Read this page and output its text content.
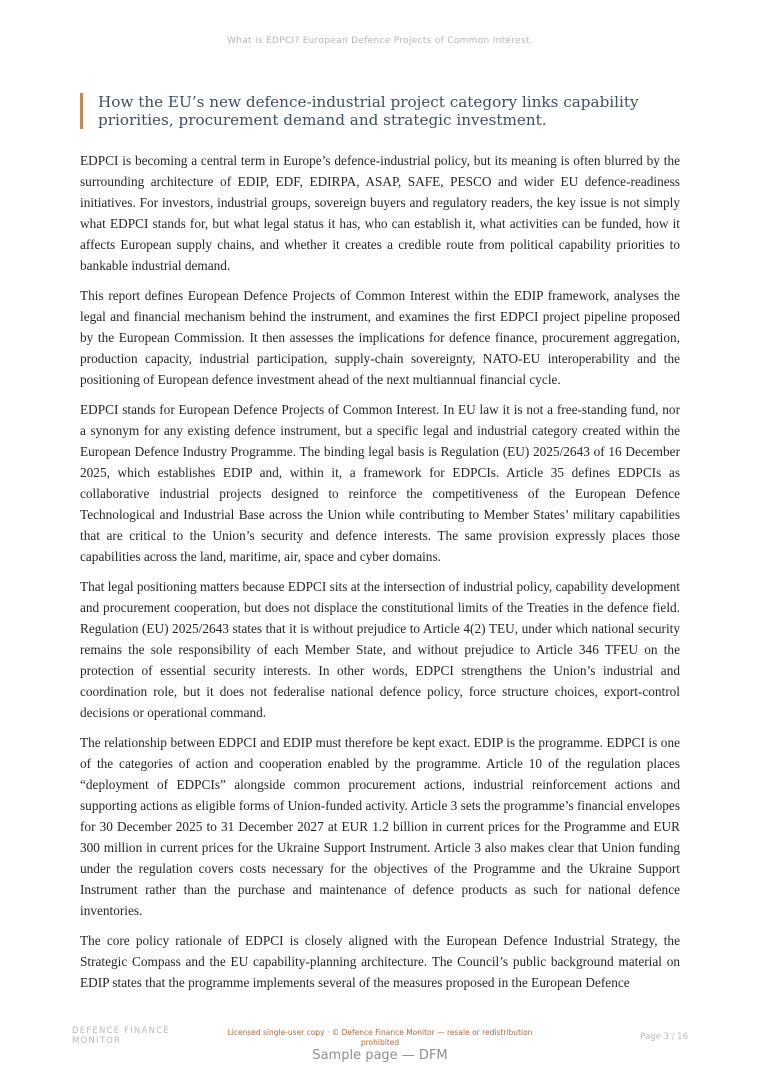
What is EDPCI? European Defence Projects of Common Interest.
How the EU’s new defence-industrial project category links capability priorities, procurement demand and strategic investment.

EDPCI is becoming a central term in Europe’s defence-industrial policy, but its meaning is often blurred by the surrounding architecture of EDIP, EDF, EDIRPA, ASAP, SAFE, PESCO and wider EU defence-readiness initiatives. For investors, industrial groups, sovereign buyers and regulatory readers, the key issue is not simply what EDPCI stands for, but what legal status it has, who can establish it, what activities can be funded, how it affects European supply chains, and whether it creates a credible route from political capability priorities to bankable industrial demand.

This report defines European Defence Projects of Common Interest within the EDIP framework, analyses the legal and financial mechanism behind the instrument, and examines the first EDPCI project pipeline proposed by the European Commission. It then assesses the implications for defence finance, procurement aggregation, production capacity, industrial participation, supply-chain sovereignty, NATO-EU interoperability and the positioning of European defence investment ahead of the next multiannual financial cycle.

EDPCI stands for European Defence Projects of Common Interest. In EU law it is not a free-standing fund, nor a synonym for any existing defence instrument, but a specific legal and industrial category created within the European Defence Industry Programme. The binding legal basis is Regulation (EU) 2025/2643 of 16 December 2025, which establishes EDIP and, within it, a framework for EDPCIs. Article 35 defines EDPCIs as collaborative industrial projects designed to reinforce the competitiveness of the European Defence Technological and Industrial Base across the Union while contributing to Member States’ military capabilities that are critical to the Union’s security and defence interests. The same provision expressly places those capabilities across the land, maritime, air, space and cyber domains.

That legal positioning matters because EDPCI sits at the intersection of industrial policy, capability development and procurement cooperation, but does not displace the constitutional limits of the Treaties in the defence field. Regulation (EU) 2025/2643 states that it is without prejudice to Article 4(2) TEU, under which national security remains the sole responsibility of each Member State, and without prejudice to Article 346 TFEU on the protection of essential security interests. In other words, EDPCI strengthens the Union’s industrial and coordination role, but it does not federalise national defence policy, force structure choices, export-control decisions or operational command.

The relationship between EDPCI and EDIP must therefore be kept exact. EDIP is the programme. EDPCI is one of the categories of action and cooperation enabled by the programme. Article 10 of the regulation places “deployment of EDPCIs” alongside common procurement actions, industrial reinforcement actions and supporting actions as eligible forms of Union-funded activity. Article 3 sets the programme’s financial envelopes for 30 December 2025 to 31 December 2027 at EUR 1.2 billion in current prices for the Programme and EUR 300 million in current prices for the Ukraine Support Instrument. Article 3 also makes clear that Union funding under the regulation covers costs necessary for the objectives of the Programme and the Ukraine Support Instrument rather than the purchase and maintenance of defence products as such for national defence inventories.

The core policy rationale of EDPCI is closely aligned with the European Defence Industrial Strategy, the Strategic Compass and the EU capability-planning architecture. The Council’s public background material on EDIP states that the programme implements several of the measures proposed in the European Defence

DEFENCE FINANCE
MONITOR
Licensed single-user copy · © Defence Finance Monitor — resale or redistribution prohibited	Page 3 / 16
Sample page — DFM
